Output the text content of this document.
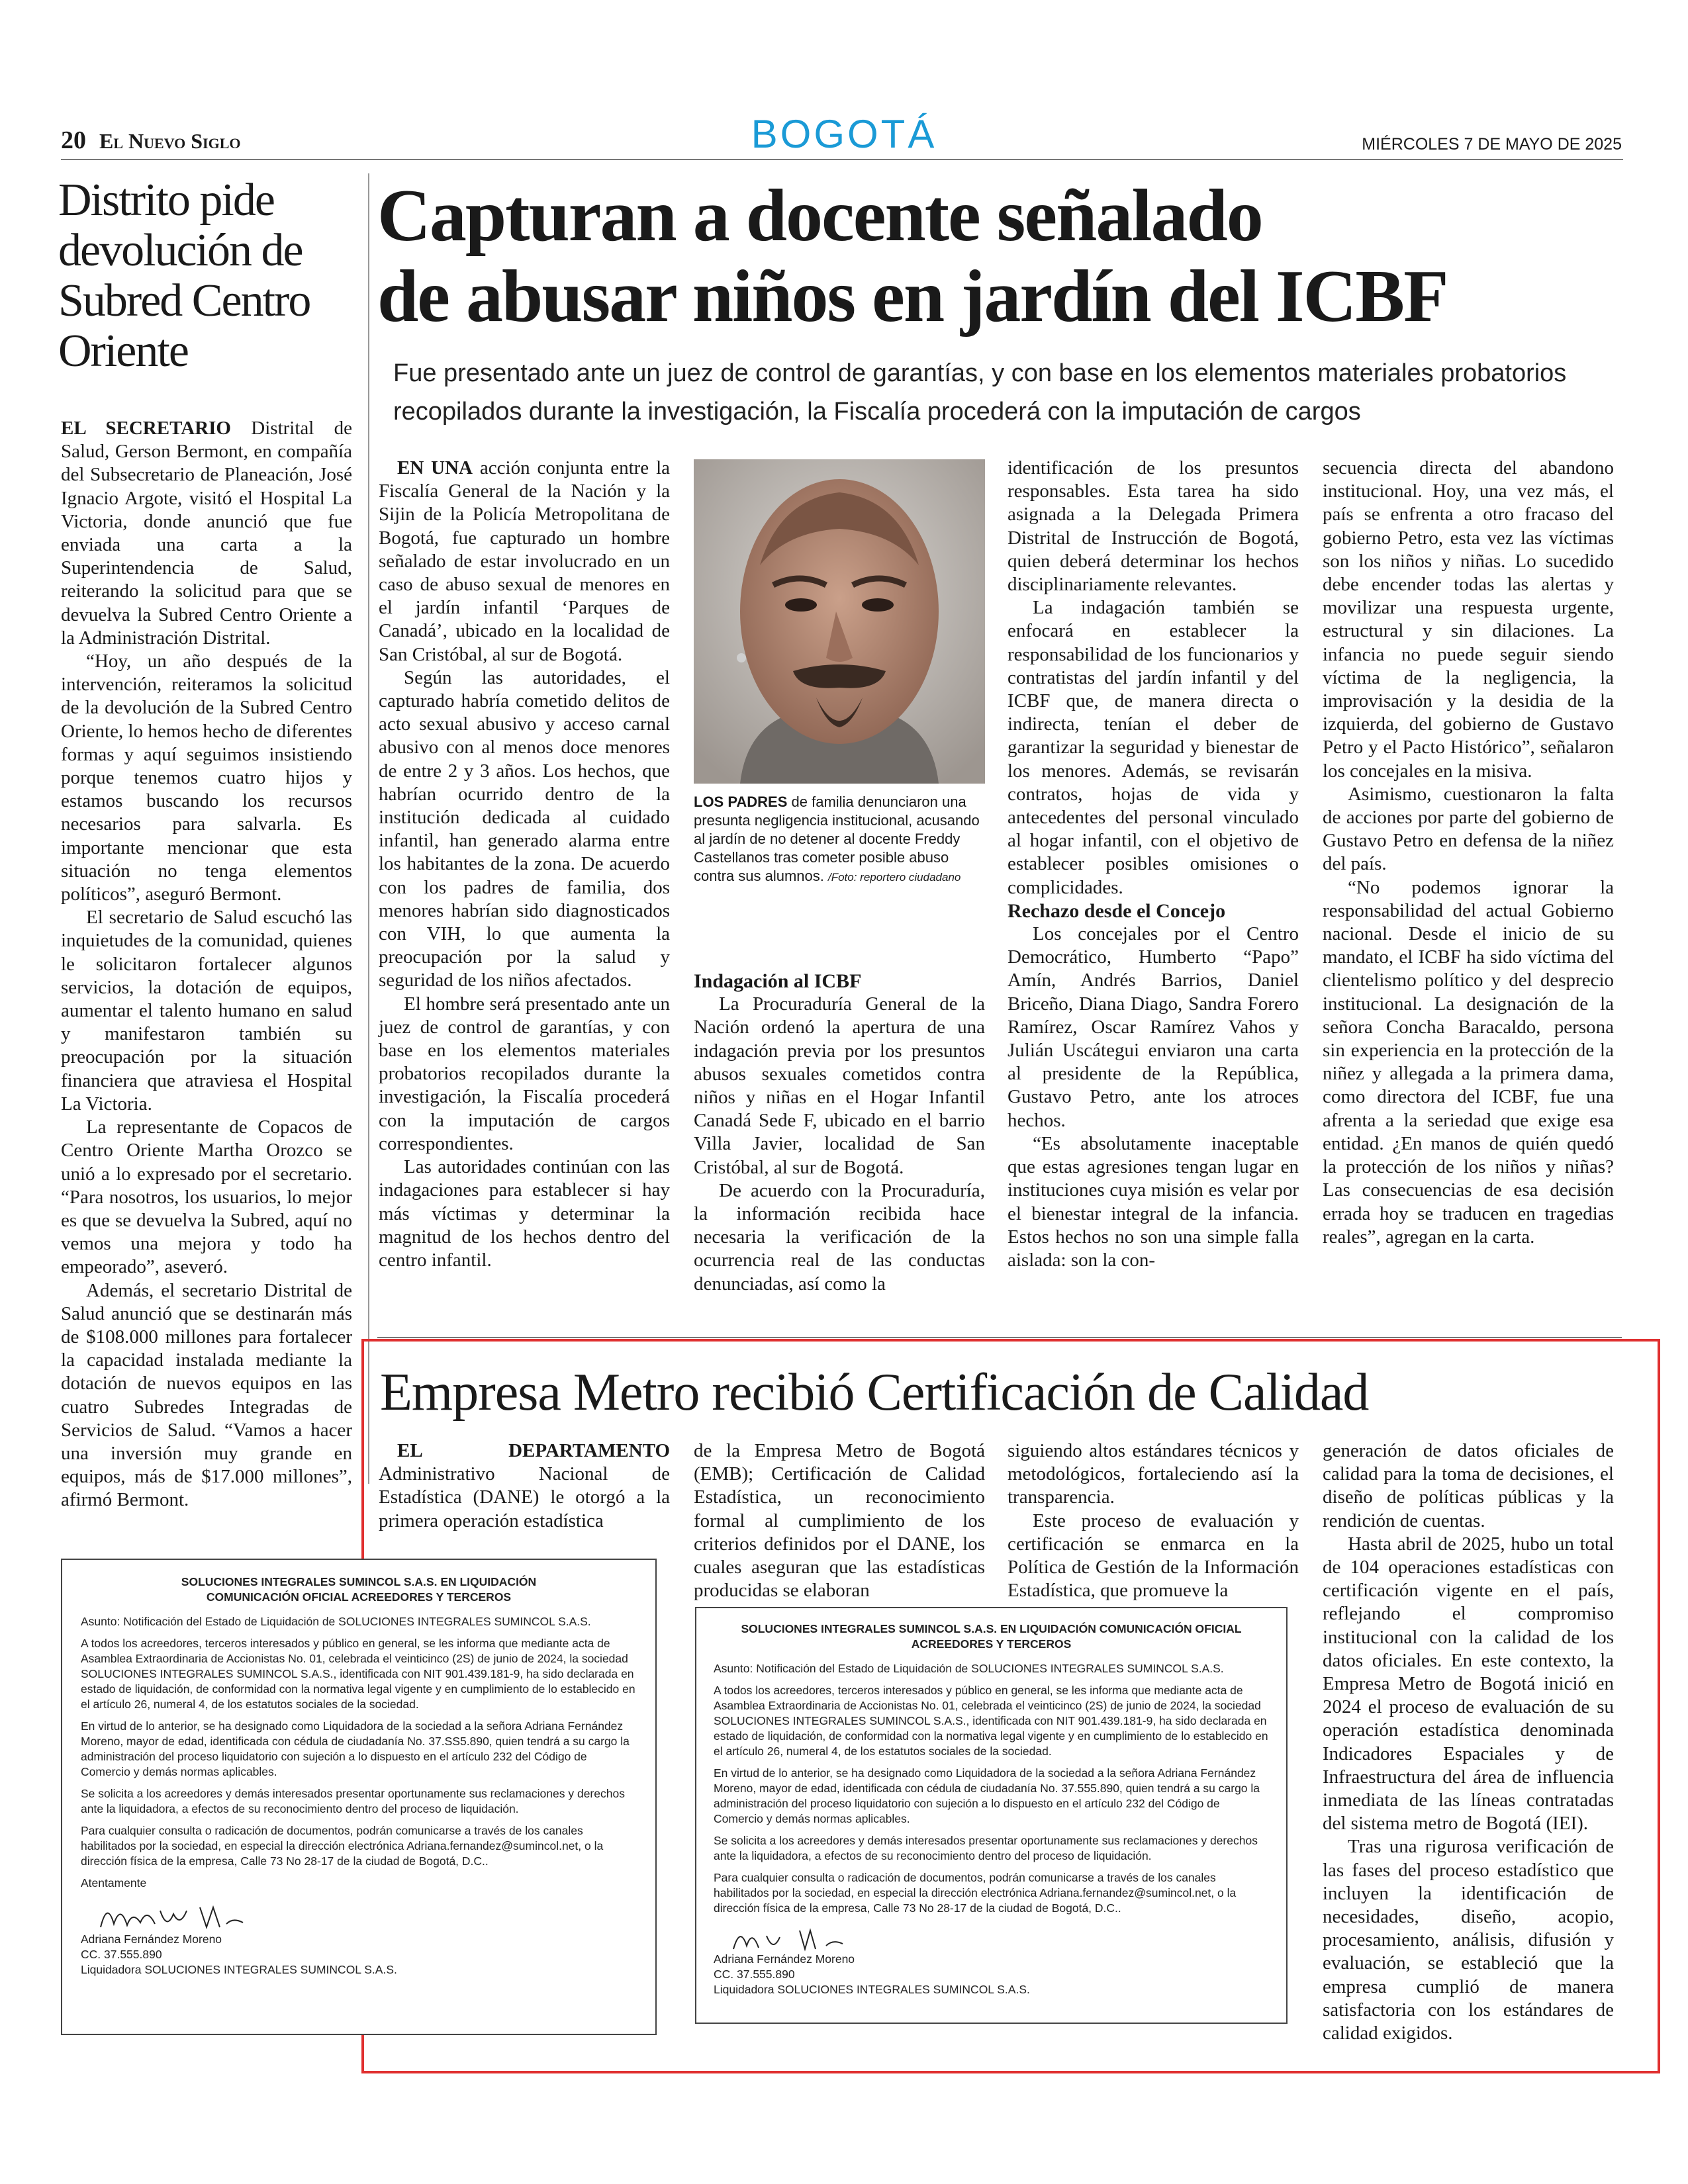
20 El Nuevo Siglo	BOGOTÁ	MIÉRCOLES 7 DE MAYO DE 2025
Distrito pide devolución de Subred Centro Oriente

EL SECRETARIO Distrital de Salud, Gerson Bermont, en compañía del Subsecretario de Planeación, José Ignacio Argote, visitó el Hospital La Victoria, donde anunció que fue enviada una carta a la Superintendencia de Salud, reiterando la solicitud para que se devuelva la Subred Centro Oriente a la Administración Distrital.

“Hoy, un año después de la intervención, reiteramos la solicitud de la devolución de la Subred Centro Oriente, lo hemos hecho de diferentes formas y aquí seguimos insistiendo porque tenemos cuatro hijos y estamos buscando los recursos necesarios para salvarla. Es importante mencionar que esta situación no tenga elementos políticos”, aseguró Bermont.

El secretario de Salud escuchó las inquietudes de la comunidad, quienes le solicitaron fortalecer algunos servicios, la dotación de equipos, aumentar el talento humano en salud y manifestaron también su preocupación por la situación financiera que atraviesa el Hospital La Victoria.

La representante de Copacos de Centro Oriente Martha Orozco se unió a lo expresado por el secretario. “Para nosotros, los usuarios, lo mejor es que se devuelva la Subred, aquí no vemos una mejora y todo ha empeorado”, aseveró.

Además, el secretario Distrital de Salud anunció que se destinarán más de $108.000 millones para fortalecer la capacidad instalada mediante la dotación de nuevos equipos en las cuatro Subredes Integradas de Servicios de Salud. “Vamos a hacer una inversión muy grande en equipos, más de $17.000 millones”, afirmó Bermont.

Capturan a docente señalado
de abusar niños en jardín del ICBF
Fue presentado ante un juez de control de garantías, y con base en los elementos materiales probatorios recopilados durante la investigación, la Fiscalía procederá con la imputación de cargos

EN UNA acción conjunta entre la Fiscalía General de la Nación y la Sijin de la Policía Metropolitana de Bogotá, fue capturado un hombre señalado de estar involucrado en un caso de abuso sexual de menores en el jardín infantil ‘Parques de Canadá’, ubicado en la localidad de San Cristóbal, al sur de Bogotá.

Según las autoridades, el capturado habría cometido delitos de acto sexual abusivo y acceso carnal abusivo con al menos doce menores de entre 2 y 3 años. Los hechos, que habrían ocurrido dentro de la institución dedicada al cuidado infantil, han generado alarma entre los habitantes de la zona. De acuerdo con los padres de familia, dos menores habrían sido diagnosticados con VIH, lo que aumenta la preocupación por la salud y seguridad de los niños afectados.

El hombre será presentado ante un juez de control de garantías, y con base en los elementos materiales probatorios recopilados durante la investigación, la Fiscalía procederá con la imputación de cargos correspondientes.

Las autoridades continúan con las indagaciones para establecer si hay más víctimas y determinar la magnitud de los hechos dentro del centro infantil.

LOS PADRES de familia denunciaron una presunta negligencia institucional, acusando al jardín de no detener al docente Freddy Castellanos tras cometer posible abuso contra sus alumnos. /Foto: reportero ciudadano

Indagación al ICBF

La Procuraduría General de la Nación ordenó la apertura de una indagación previa por los presuntos abusos sexuales cometidos contra niños y niñas en el Hogar Infantil Canadá Sede F, ubicado en el barrio Villa Javier, localidad de San Cristóbal, al sur de Bogotá.

De acuerdo con la Procuraduría, la información recibida hace necesaria la verificación de la ocurrencia real de las conductas denunciadas, así como la

identificación de los presuntos responsables. Esta tarea ha sido asignada a la Delegada Primera Distrital de Instrucción de Bogotá, quien deberá determinar los hechos disciplinariamente relevantes.

La indagación también se enfocará en establecer la responsabilidad de los funcionarios y contratistas del jardín infantil y del ICBF que, de manera directa o indirecta, tenían el deber de garantizar la seguridad y bienestar de los menores. Además, se revisarán contratos, hojas de vida y antecedentes del personal vinculado al hogar infantil, con el objetivo de establecer posibles omisiones o complicidades.

Rechazo desde el Concejo

Los concejales por el Centro Democrático, Humberto “Papo” Amín, Andrés Barrios, Daniel Briceño, Diana Diago, Sandra Forero Ramírez, Oscar Ramírez Vahos y Julián Uscátegui enviaron una carta al presidente de la República, Gustavo Petro, ante los atroces hechos.

“Es absolutamente inaceptable que estas agresiones tengan lugar en instituciones cuya misión es velar por el bienestar integral de la infancia. Estos hechos no son una simple falla aislada: son la con-

secuencia directa del abandono institucional. Hoy, una vez más, el país se enfrenta a otro fracaso del gobierno Petro, esta vez las víctimas son los niños y niñas. Lo sucedido debe encender todas las alertas y movilizar una respuesta urgente, estructural y sin dilaciones. La infancia no puede seguir siendo víctima de la negligencia, la improvisación y la desidia de la izquierda, del gobierno de Gustavo Petro y el Pacto Histórico”, señalaron los concejales en la misiva.

Asimismo, cuestionaron la falta de acciones por parte del gobierno de Gustavo Petro en defensa de la niñez del país.

“No podemos ignorar la responsabilidad del actual Gobierno nacional. Desde el inicio de su mandato, el ICBF ha sido víctima del clientelismo político y del desprecio institucional. La designación de la señora Concha Baracaldo, persona sin experiencia en la protección de la niñez y allegada a la primera dama, como directora del ICBF, fue una afrenta a la seriedad que exige esa entidad. ¿En manos de quién quedó la protección de los niños y niñas? Las consecuencias de esa decisión errada hoy se traducen en tragedias reales”, agregan en la carta.

Empresa Metro recibió Certificación de Calidad

EL DEPARTAMENTO Administrativo Nacional de Estadística (DANE) le otorgó a la primera operación estadística

de la Empresa Metro de Bogotá (EMB); Certificación de Calidad Estadística, un reconocimiento formal al cumplimiento de los criterios definidos por el DANE, los cuales aseguran que las estadísticas producidas se elaboran

siguiendo altos estándares técnicos y metodológicos, fortaleciendo así la transparencia.

Este proceso de evaluación y certificación se enmarca en la Política de Gestión de la Información Estadística, que promueve la

generación de datos oficiales de calidad para la toma de decisiones, el diseño de políticas públicas y la rendición de cuentas.

Hasta abril de 2025, hubo un total de 104 operaciones estadísticas con certificación vigente en el país, reflejando el compromiso institucional con la calidad de los datos oficiales. En este contexto, la Empresa Metro de Bogotá inició en 2024 el proceso de evaluación de su operación estadística denominada Indicadores Espaciales y de Infraestructura del área de influencia inmediata de las líneas contratadas del sistema metro de Bogotá (IEI).

Tras una rigurosa verificación de las fases del proceso estadístico que incluyen la identificación de necesidades, diseño, acopio, procesamiento, análisis, difusión y evaluación, se estableció que la empresa cumplió de manera satisfactoria con los estándares de calidad exigidos.

SOLUCIONES INTEGRALES SUMINCOL S.A.S. EN LIQUIDACIÓN COMUNICACIÓN OFICIAL ACREEDORES Y TERCEROS

Asunto: Notificación del Estado de Liquidación de SOLUCIONES INTEGRALES SUMINCOL S.A.S.

A todos los acreedores, terceros interesados y público en general, se les informa que mediante acta de Asamblea Extraordinaria de Accionistas No. 01, celebrada el veinticinco (2S) de junio de 2024, la sociedad SOLUCIONES INTEGRALES SUMINCOL S.A.S., identificada con NIT 901.439.181-9, ha sido declarada en estado de liquidación, de conformidad con la normativa legal vigente y en cumplimiento de lo establecido en el artículo 26, numeral 4, de los estatutos sociales de la sociedad.

En virtud de lo anterior, se ha designado como Liquidadora de la sociedad a la señora Adriana Fernández Moreno, mayor de edad, identificada con cédula de ciudadanía No. 37.SS5.890, quien tendrá a su cargo la administración del proceso liquidatorio con sujeción a lo dispuesto en el artículo 232 del Código de Comercio y demás normas aplicables.

Se solicita a los acreedores y demás interesados presentar oportunamente sus reclamaciones y derechos ante la liquidadora, a efectos de su reconocimiento dentro del proceso de liquidación.

Para cualquier consulta o radicación de documentos, podrán comunicarse a través de los canales habilitados por la sociedad, en especial la dirección electrónica Adriana.fernandez@sumincol.net, o la dirección física de la empresa, Calle 73 No 28-17 de la ciudad de Bogotá, D.C..

Atentamente

Adriana Fernández Moreno
CC. 37.555.890
Liquidadora SOLUCIONES INTEGRALES SUMINCOL S.A.S.

SOLUCIONES INTEGRALES SUMINCOL S.A.S. EN LIQUIDACIÓN COMUNICACIÓN OFICIAL ACREEDORES Y TERCEROS

Asunto: Notificación del Estado de Liquidación de SOLUCIONES INTEGRALES SUMINCOL S.A.S.

A todos los acreedores, terceros interesados y público en general, se les informa que mediante acta de Asamblea Extraordinaria de Accionistas No. 01, celebrada el veinticinco (2S) de junio de 2024, la sociedad SOLUCIONES INTEGRALES SUMINCOL S.A.S., identificada con NIT 901.439.181-9, ha sido declarada en estado de liquidación, de conformidad con la normativa legal vigente y en cumplimiento de lo establecido en el artículo 26, numeral 4, de los estatutos sociales de la sociedad.

En virtud de lo anterior, se ha designado como Liquidadora de la sociedad a la señora Adriana Fernández Moreno, mayor de edad, identificada con cédula de ciudadanía No. 37.555.890, quien tendrá a su cargo la administración del proceso liquidatorio con sujeción a lo dispuesto en el artículo 232 del Código de Comercio y demás normas aplicables.

Se solicita a los acreedores y demás interesados presentar oportunamente sus reclamaciones y derechos ante la liquidadora, a efectos de su reconocimiento dentro del proceso de liquidación.

Para cualquier consulta o radicación de documentos, podrán comunicarse a través de los canales habilitados por la sociedad, en especial la dirección electrónica Adriana.fernandez@sumincol.net, o la dirección física de la empresa, Calle 73 No 28-17 de la ciudad de Bogotá, D.C..

Adriana Fernández Moreno
CC. 37.555.890
Liquidadora SOLUCIONES INTEGRALES SUMINCOL S.A.S.
